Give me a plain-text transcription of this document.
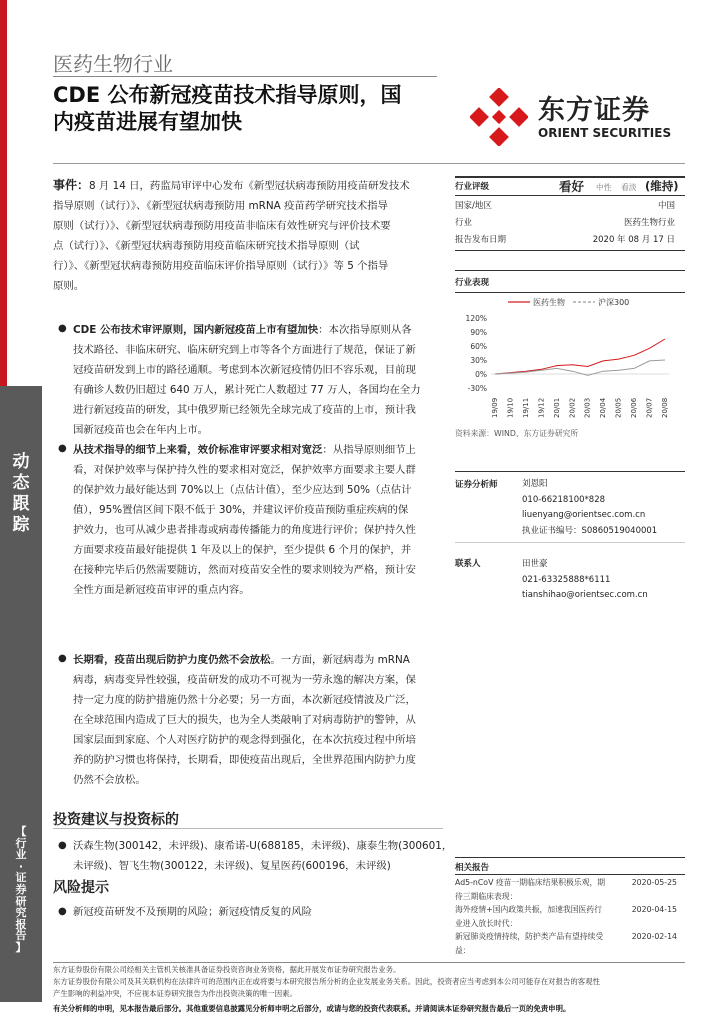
动
态
跟
踪
【
行
业
·
证
券
研
究
报
告
】
医药生物行业
CDE 公布新冠疫苗技术指导原则，国
内疫苗进展有望加快	东方证券
ORIENT SECURITIES
事件：8 月 14 日，药监局审评中心发布《新型冠状病毒预防用疫苗研发技术
指导原则（试行）》、《新型冠状病毒预防用 mRNA 疫苗药学研究技术指导
原则（试行）》、《新型冠状病毒预防用疫苗非临床有效性研究与评价技术要
点（试行）》、《新型冠状病毒预防用疫苗临床研究技术指导原则（试
行）》、《新型冠状病毒预防用疫苗临床评价指导原则（试行）》等 5 个指导
原则。
● CDE 公布技术审评原则，国内新冠疫苗上市有望加快：本次指导原则从各
技术路径、非临床研究、临床研究到上市等各个方面进行了规范，保证了新
冠疫苗研发到上市的路径通顺。考虑到本次新冠疫情仍旧不容乐观，目前现
有确诊人数仍旧超过 640 万人，累计死亡人数超过 77 万人，各国均在全力
进行新冠疫苗的研发，其中俄罗斯已经领先全球完成了疫苗的上市，预计我
国新冠疫苗也会在年内上市。
● 从技术指导的细节上来看，效价标准审评要求相对宽泛：从指导原则细节上
看，对保护效率与保护持久性的要求相对宽泛，保护效率方面要求主要人群
的保护效力最好能达到 70%以上（点估计值），至少应达到 50%（点估计
值），95%置信区间下限不低于 30%，并建议评价疫苗预防重症疾病的保
护效力，也可从减少患者排毒或病毒传播能力的角度进行评价；保护持久性
方面要求疫苗最好能提供 1 年及以上的保护，至少提供 6 个月的保护，并
在接种完毕后仍然需要随访，然而对疫苗安全性的要求则较为严格，预计安
全性方面是新冠疫苗审评的重点内容。
● 长期看，疫苗出现后防护力度仍然不会放松。一方面，新冠病毒为 mRNA
病毒，病毒变异性较强，疫苗研发的成功不可视为一劳永逸的解决方案，保
持一定力度的防护措施仍然十分必要；另一方面，本次新冠疫情波及广泛，
在全球范围内造成了巨大的损失，也为全人类敲响了对病毒防护的警钟，从
国家层面到家庭、个人对医疗防护的观念得到强化，在本次抗疫过程中所培
养的防护习惯也将保持，长期看，即使疫苗出现后，全世界范围内防护力度
仍然不会放松。
投资建议与投资标的
● 沃森生物(300142，未评级)、康希诺-U(688185，未评级)、康泰生物(300601，
未评级)、智飞生物(300122，未评级)、复星医药(600196，未评级)
风险提示
● 新冠疫苗研发不及预期的风险；新冠疫情反复的风险
行业评级	看好 中性 看淡 (维持)
国家/地区	中国
行业	医药生物行业
报告发布日期	2020 年 08 月 17 日
行业表现
医药生物	沪深300
120%
90%
60%
30%
0%
-30%
19/09 19/10 19/11 19/12 20/01 20/02 20/03 20/04 20/05 20/06 20/07 20/08
资料来源：WIND、东方证券研究所
证券分析师	刘恩阳
010-66218100*828
liuenyang@orientsec.com.cn
执业证书编号：S0860519040001
联系人	田世豪
021-63325888*6111
tianshihao@orientsec.com.cn
相关报告
Ad5-nCoV 疫苗一期临床结果积极乐观，期
待三期临床表现：
2020-05-25
海外疫情+国内政策共振，加速我国医药行
业进入放长时代：
2020-04-15
新冠肺炎疫情持续，防护类产品有望持续受
益：
2020-02-14
东方证券股份有限公司经相关主管机关核准具备证券投资咨询业务资格，据此开展发布证券研究报告业务。
东方证券股份有限公司及其关联机构在法律许可的范围内正在或将要与本研究报告所分析的企业发展业务关系。因此，投资者应当考虑到本公司可能存在对报告的客观性
产生影响的利益冲突，不应视本证券研究报告为作出投资决策的唯一因素。
有关分析师的申明，见本报告最后部分。其他重要信息披露见分析师申明之后部分，或请与您的投资代表联系。并请阅读本证券研究报告最后一页的免责申明。
